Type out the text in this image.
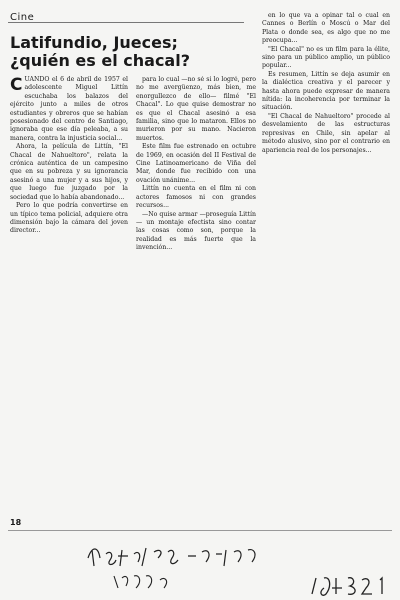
Cine
Latifundio, Jueces;
¿quién es el chacal?

CUANDO el 6 de abril de 1957 el adolescente Miguel Littín escuchaba los balazos del ejército junto a miles de otros estudiantes y obreros que se habían posesionado del centro de Santiago, ignoraba que ese día peleaba, a su manera, contra la injusticia social...

Ahora, la película de Littín, "El Chacal de Nahueltoro", relata la crónica auténtica de un campesino que en su pobreza y su ignorancia asesinó a una mujer y a sus hijos, y que luego fue juzgado por la sociedad que lo había abandonado...

Pero lo que podría convertirse en un típico tema policial, adquiere otra dimensión bajo la cámara del joven director...

para lo cual —no sé si lo logré, pero no me avergüenzo, más bien, me enorgullezco de ello— filmé "El Chacal". Lo que quise demostrar no es que el Chacal asesinó a esa familia, sino que lo mataron. Ellos no murieron por su mano. Nacieron muertos.

Este film fue estrenado en octubre de 1969, en ocasión del II Festival de Cine Latinoamericano de Viña del Mar, donde fue recibido con una ovación unánime...

Littín no cuenta en el film ni con actores famosos ni con grandes recursos...

—No quise armar —proseguía Littín— un montaje efectista sino contar las cosas como son, porque la realidad es más fuerte que la invención...

en lo que va a opinar tal o cual en Cannes o Berlín o Moscú o Mar del Plata o donde sea, es algo que no me preocupa...

"El Chacal" no es un film para la élite, sino para un público amplio, un público popular...

Es resumen, Littín se deja asumir en la dialéctica creativa y el parecer y hasta ahora puede expresar de manera nítida: la incoherencia por terminar la situación.

"El Chacal de Nahueltoro" procede al desvelamiento de las estructuras represivas en Chile, sin apelar al método alusivo, sino por el contrario en apariencia real de los personajes...

18
